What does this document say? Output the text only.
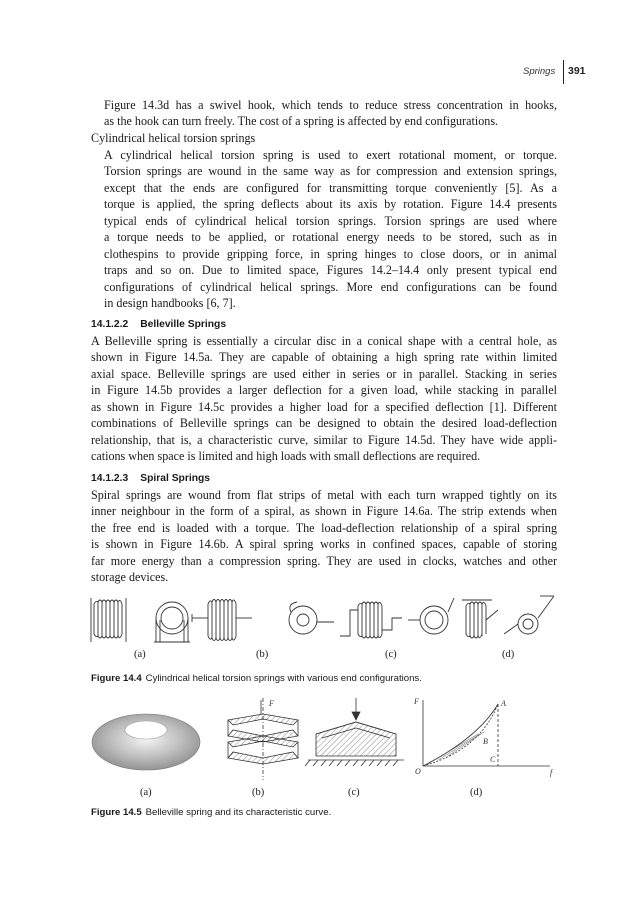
Springs 391
Figure 14.3d has a swivel hook, which tends to reduce stress concentration in hooks,
as the hook can turn freely. The cost of a spring is affected by end configurations.
Cylindrical helical torsion springs
A cylindrical helical torsion spring is used to exert rotational moment, or torque.
Torsion springs are wound in the same way as for compression and extension springs,
except that the ends are configured for transmitting torque conveniently [5]. As a
torque is applied, the spring deflects about its axis by rotation. Figure 14.4 presents
typical ends of cylindrical helical torsion springs. Torsion springs are used where
a torque needs to be applied, or rotational energy needs to be stored, such as in
clothespins to provide gripping force, in spring hinges to close doors, or in animal
traps and so on. Due to limited space, Figures 14.2–14.4 only present typical end
configurations of cylindrical helical springs. More end configurations can be found
in design handbooks [6, 7].
14.1.2.2 Belleville Springs
A Belleville spring is essentially a circular disc in a conical shape with a central hole, as
shown in Figure 14.5a. They are capable of obtaining a high spring rate within limited
axial space. Belleville springs are used either in series or in parallel. Stacking in series
in Figure 14.5b provides a larger deflection for a given load, while stacking in parallel
as shown in Figure 14.5c provides a higher load for a specified deflection [1]. Different
combinations of Belleville springs can be designed to obtain the desired load-deflection
relationship, that is, a characteristic curve, similar to Figure 14.5d. They have wide appli-
cations when space is limited and high loads with small deflections are required.
14.1.2.3 Spiral Springs
Spiral springs are wound from flat strips of metal with each turn wrapped tightly on its
inner neighbour in the form of a spiral, as shown in Figure 14.6a. The strip extends when
the free end is loaded with a torque. The load-deflection relationship of a spiral spring
is shown in Figure 14.6b. A spiral spring works in confined spaces, capable of storing
far more energy than a compression spring. They are used in clocks, watches and other
storage devices.
(a)	(b)	(c)	(d)
Figure 14.4 Cylindrical helical torsion springs with various end configurations.
F	F
f
O
A
B
C
(a)	(b)	(c)	(d)
Figure 14.5 Belleville spring and its characteristic curve.
